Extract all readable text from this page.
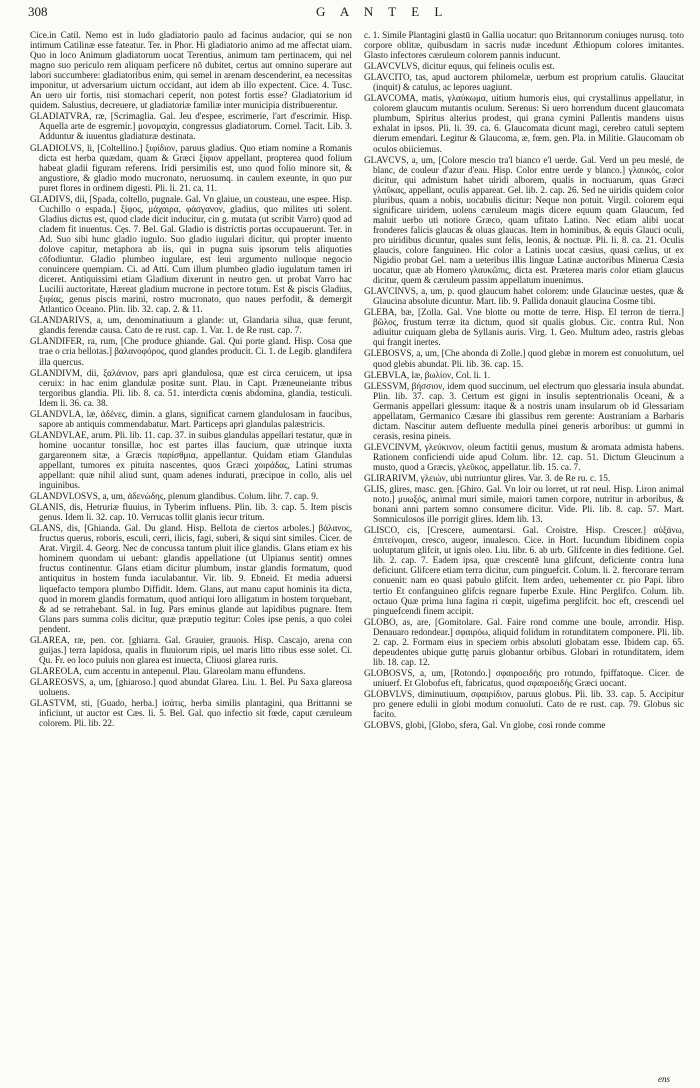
308	G A N T E L

Cice.in Catil. Nemo est in ludo gladiatorio paulo ad facinus audacior, qui se non intimum Catilinæ esse fateatur. Ter. in Phor. Hi gladiatorio animo ad me affectat uiam. Quo in loco Animum gladiatorum uocat Terentius, animum tam pertinacem, qui nel magno suo periculo rem aliquam perficere nō dubitet, certus aut omnino superare aut labori succumbere: gladiatoribus enim, qui semel in arenam descenderint, ea necessitas imponitur, ut adversarium uictum occidant, aut idem ab illo expectent. Cice. 4. Tusc. An uero uir fortis, nisi stomachari ceperit, non potest fortis esse? Gladiatorium id quidem. Salustius, decreuere, ut gladiatoriæ familiæ inter municipia distribuerentur.

GLADIATVRA, ræ, [Scrimaglia. Gal. Jeu d'espee, escrimerie, l'art d'escrimir. Hisp. Aquella arte de esgremir.] μονομαχία, congressus gladiatorum. Cornel. Tacit. Lib. 3. Adduntur & iuuentus gladiaturæ destinata.

GLADIOLVS, li, [Coltellino.] ξιφίδιον, paruus gladius. Quo etiam nomine a Romanis dicta est herba quædam, quam & Græci ξίφιον appellant, propterea quod folium habeat gladii figuram referens. Iridi persimilis est, uno quod folio minore sit, & angustiore, & gladio modo mucronato, neruosumq. in caulem exeunte, in quo pur puret flores in ordinem digesti. Pli. li. 21. ca. 11.

GLADIVS, dii, [Spada, coltello, pugnale. Gal. Vn glaiue, un cousteau, une espee. Hisp. Cuchillo o espada.] ξίφος, μάχαιρα, φάσγανον, gladius, quo milites uti solent. Gladius dictus est, quod clade dicit inducitur, cin g. mutata (ut scribit Varro) quod ad cladem fit inuentus. Cęs. 7. Bel. Gal. Gladio is districtis portas occupauerunt. Ter. in Ad. Suo sibi hunc gladio iugulo. Suo gladio iugulari dicitur, qui propter inuento dolove capitur, metaphora ab iis, qui in pugna suis ipsorum telis aliquoties cōfodiuntur. Gladio plumbeo iugulare, est leui argumento nulloque negocio conuincere quempiam. Ci. ad Atti. Cum illum plumbeo gladio iugulatum tamen iri diceret. Antiquissimi etiam Gladium dixerunt in neutro gen. ut probat Varro hac Lucilii auctoritate, Hæreat gladium mucrone in pectore totum. Est & piscis Gladius, ξιφίας, genus piscis marini, rostro mucronato, quo naues perfodit, & demergit Atlantico Oceano. Plin. lib. 32. cap. 2. & 11.

GLANDARIVS, a, um, denominatiuum a glande: ut, Glandaria silua, quæ ferunt, glandis ferendæ causa. Cato de re rust. cap. 1. Var. 1. de Re rust. cap. 7.

GLANDIFER, ra, rum, [Che produce ghiande. Gal. Qui porte gland. Hisp. Cosa que trae o cria bellotas.] βαλανοφόρος, quod glandes producit. Ci. 1. de Legib. glandifera illa quercus.

GLANDIVM, dii, ξαλάνιον, pars apri glandulosa, quæ est circa ceruicem, ut ipsa ceruix: in hac enim glandulæ positæ sunt. Plau. in Capt. Præneuneiante tribus tergoribus glandia. Pli. lib. 8. ca. 51. interdicta cœnis abdomina, glandia, testiculi. Idem li. 36. ca. 38.

GLANDVLA, læ, ἀδένες, dimin. a glans, significat carnem glandulosam in faucibus, sapore ab antiquis commendabatur. Mart. Particeps apri glandulas palæstricis.

GLANDVLAE, arum. Pli. lib. 11. cap. 37. in suibus glandulas appellari testatur, quæ in homine uocantur tonsillæ, hoc est partes illas faucium, quæ utrinque iuxta gargareonem sitæ, a Græcis παρίσθμια, appellantur. Quidam etiam Glandulas appellant, tumores ex pituita nascentes, quos Græci χοιράδας, Latini strumas appellant: quæ nihil aliud sunt, quam adenes indurati, præcipue in collo, alis uel inguinibus.

GLANDVLOSVS, a, um, ἀδενώδης, plenum glandibus. Colum. libr. 7. cap. 9.

GLANIS, dis, Hetruriæ fluuius, in Tyberim influens. Plin. lib. 3. cap. 5. Item piscis genus. Idem li. 32. cap. 10. Verrucas tollit glanis iecur tritum.

GLANS, dis, [Ghianda. Gal. Du gland. Hisp. Bellota de ciertos arboles.] βάλανος, fructus querus, roboris, esculi, cerri, ilicis, fagi, suberi, & siqui sint similes. Cicer. de Arat. Virgil. 4. Georg. Nec de concussa tantum pluit ilice glandis. Glans etiam ex his hominem quondam ui uebant: glandis appellatione (ut Ulpianus sentit) omnes fructus continentur. Glans etiam dicitur plumbum, instar glandis formatum, quod antiquitus in hostem funda iaculabantur. Vir. lib. 9. Ebneid. Et media aduersi liquefacto tempora plumbo Diffidit. Idem. Glans, aut manu caput hominis ita dicta, quod in morem glandis formatum, quod antiqui loro alligatum in hostem torquebant, & ad se retrahebant. Sal. in Iug. Pars eminus glande aut lapidibus pugnare. Item Glans pars summa colis dicitur, quæ præputio tegitur: Coles ipse penis, a quo colei pendent.

GLAREA, ræ, pen. cor. [ghiarra. Gal. Grauier, grauois. Hisp. Cascajo, arena con guijas.] terra lapidosa, qualis in fluuiorum ripis, uel maris litto ribus esse solet. Ci. Qu. Fr. eo loco puluis non glarea est inuecta, Cliuosi glarea ruris.

GLAREOLA, cum accentu in antepenul. Plau. Glareolam manu effundens.

GLAREOSVS, a, um, [ghiaroso.] quod abundat Glarea. Liu. 1. Bel. Pu Saxa glareosa uoluens.

GLASTVM, sti, [Guado, herba.] ἰσάτις, herba similis plantagini, qua Brittanni se inficiunt, ut auctor est Cæs. li. 5. Bel. Gal. quo infectio sit fœde, caput cæruleum colorem. Pli. lib. 22.

c. 1. Simile Plantagini glastū in Gallia uocatur: quo Britannorum coniuges nurusq. toto corpore oblitæ, quibusdam in sacris nudæ incedunt Æthiopum colores imitantes. Glasto infectores cæruleum colorem pannis inducunt.

GLAVCVLVS, dicitur equus, qui felineis oculis est.

GLAVCITO, tas, apud auctorem philomelæ, uerbum est proprium catulis. Glaucitat (inquit) & catulus, ac lepores uagiunt.

GLAVCOMA, matis, γλαύκωμα, uitium humoris eius, qui crystallinus appellatur, in colorem glaucum mutantis oculum. Serenus: Si uero horrendum ducent glaucomata plumbum, Spiritus alterius prodest, qui grana cymini Pallentis mandens uisus exhalat in ipsos. Pli. li. 39. ca. 6. Glaucomata dicunt magi, cerebro catuli septem dierum emendari. Legitur & Glaucoma, æ, fœm. gen. Pla. in Militie. Glaucomam ob oculos obiiciemus.

GLAVCVS, a, um, [Colore mescio tra'l bianco e'l uerde. Gal. Verd un peu meslé, de blanc, de couleur d'azur d'eau. Hisp. Color entre uerde y blanco.] γλαυκός, color dicitur, qui admistum habet uiridi alborem, qualis in noctuarum, quas Græci γλαῦκας, appellant, oculis appareat. Gel. lib. 2. cap. 26. Sed ne uiridis quidem color pluribus, quam a nobis, uocabulis dicitur: Neque non potuit. Virgil. colorem equi significare uiridem, uolens cæruleum magis dicere equum quam Glaucum, fed maluit uerbo uti notiore Græco, quam ufitato Latino. Nec etiam alibi uocat fronderes falicis glaucas & oluas glaucas. Item in hominibus, & equis Glauci oculi, pro uiridibus dicuntur, quales sunt felis, leonis, & noctuæ. Pli. li. 8. ca. 21. Oculis glaucis, colore fanguineo. Hic color a Latinis uocat cæsius, quasi cælius, ut ex Nigidio probat Gel. nam a ueteribus illis linguæ Latinæ auctoribus Minerua Cæsia uocatur, quæ ab Homero γλαυκῶπις, dicta est. Præterea maris color etiam glaucus dicitur, quem & cæruleum passim appellatum inuenimus.

GLAVCINVS, a, um, p. quod glaucum habet colorem: unde Glaucinæ uestes, quæ & Glaucina absolute dicuntur. Mart. lib. 9. Pallida donauit glaucina Cosme tibi.

GLEBA, bæ, [Zolla. Gal. Vne blotte ou motte de terre. Hisp. El terron de tierra.] βῶλος, frustum terræ ita dictum, quod sit qualis globus. Cic. contra Rul. Non adiuitur cuiquam gleba de Syllanis auris. Virg. 1. Geo. Multum adeo, rastris glebas qui frangit inertes.

GLEBOSVS, a, um, [Che abonda di Zolle.] quod glebæ in morem est conuolutum, uel quod glebis abundat. Pli. lib. 36. cap. 15.

GLEBVLA, læ, βωλίον, Col. li. 1.

GLESSVM, βήσσιον, idem quod succinum, uel electrum quo glessaria insula abundat. Plin. lib. 37. cap. 3. Certum est gigni in insulis septentrionalis Oceani, & a Germanis appellari glessum: itaque & a nostris unam insularum ob id Glessariam appellatam, Germanico Cæsare ibi glassibus rem gerente: Austraniam a Barbaris dictam. Nascitur autem defluente medulla pinei generis arboribus: ut gummi in cerasis, resina pineis.

GLEVCINVM, γλεύκινον, oleum factitii genus, mustum & aromata admista habens. Rationem conficiendi uide apud Colum. libr. 12. cap. 51. Dictum Gleucinum a musto, quod a Græcis, γλεῦκος, appellatur. lib. 15. ca. 7.

GLIRARIVM, γλειών, ubi nutriuntur glires. Var. 3. de Re ru. c. 15.

GLIS, glires, masc. gen. [Ghiro. Gal. Vn loir ou lorret, ut rat neul. Hisp. Liron animal noto.] μυωξός, animal muri simile, maiori tamen corpore, nutritur in arboribus, & bonani anni partem somno consumere dicitur. Vide. Pli. lib. 8. cap. 57. Mart. Somniculosos ille porrigit glires. Idem lib. 13.

GLISCO, cis, [Crescere, aumentarsi. Gal. Croistre. Hisp. Crescer.] αὐξάνω, ἐπιτείνομαι, cresco, augeor, inualesco. Cice. in Hort. Iucundum libidinem copia uoluptatum glifcit, ut ignis oleo. Liu. libr. 6. ab urb. Glifcente in dies feditione. Gel. lib. 2. cap. 7. Eadem ipsa, quæ crescentē luna glifcunt, deficiente contra luna deficiunt. Glifcere etiam terra dicitur, cum pinguefcit. Colum. li. 2. ftercorare terram conuenit: nam eo quasi pabulo glifcit. Item ardeo, uehementer cr. pio Papi. libro tertio Et confanguineo glifcis regnare fuperbe Exule. Hinc Perglifco. Colum. lib. octauo Quæ prima luna fagina ri cœpit, uigefima perglifcit. hoc eft, crescendi uel pinguefcendi finem accipit.

GLOBO, as, are, [Gomitolare. Gal. Faire rond comme une boule, arrondir. Hisp. Denauaro redondear.] σφαιρόω, aliquid folidum in rotunditatem componere. Pli. lib. 2. cap. 2. Formam eius in speciem orbis absoluti globatam esse. Ibidem cap. 65. depeudentes ubique guttę paruis globantur orbibus. Globari in rotunditatem, idem lib. 18. cap. 12.

GLOBOSVS, a, um, [Rotondo.] σφαιροειδής pro rotundo, fpiffatoque. Cicer. de uniuerf. Et Globofus eft, fabricatus, quod σφαιροειδής Græci uocant.

GLOBVLVS, diminutiuum, σφαιρίδιον, paruus globus. Pli. lib. 33. cap. 5. Accipitur pro genere edulii in globi modum conuoluti. Cato de re rust. cap. 79. Globus sic facito.

GLOBVS, globi, [Globo, sfera, Gal. Vn globe, cosi ronde comme

ens
